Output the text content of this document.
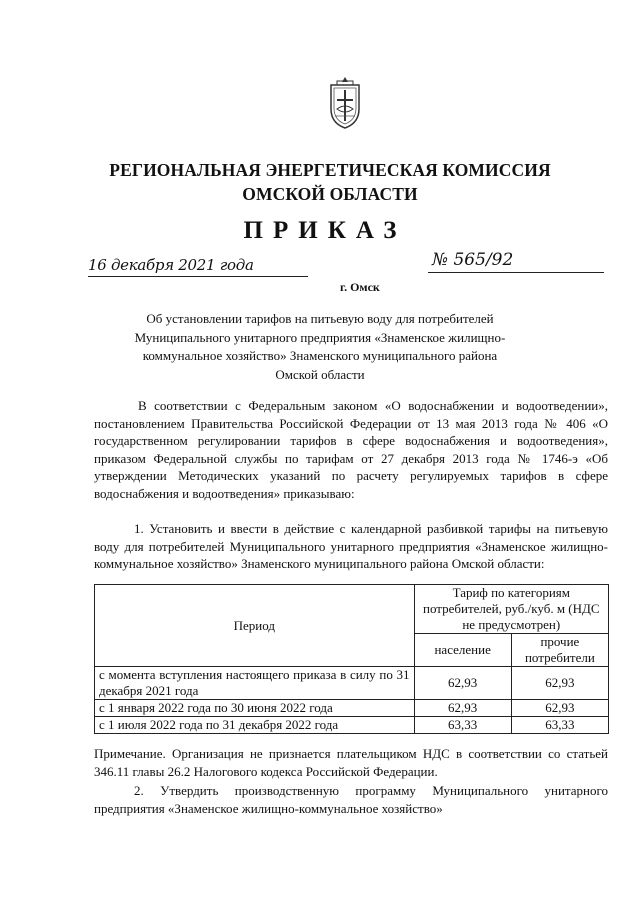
РЕГИОНАЛЬНАЯ ЭНЕРГЕТИЧЕСКАЯ КОМИССИЯ
ОМСКОЙ ОБЛАСТИ
ПРИКАЗ
16 декабря 2021 года	№ 565/92
г. Омск
Об установлении тарифов на питьевую воду для потребителей
Муниципального унитарного предприятия «Знаменское жилищно-
коммунальное хозяйство» Знаменского муниципального района
Омской области
В соответствии с Федеральным законом «О водоснабжении и водоотведении», постановлением Правительства Российской Федерации от 13 мая 2013 года № 406 «О государственном регулировании тарифов в сфере водоснабжения и водоотведения», приказом Федеральной службы по тарифам от 27 декабря 2013 года № 1746-э «Об утверждении Методических указаний по расчету регулируемых тарифов в сфере водоснабжения и водоотведения» приказываю:
1. Установить и ввести в действие с календарной разбивкой тарифы на питьевую воду для потребителей Муниципального унитарного предприятия «Знаменское жилищно-коммунальное хозяйство» Знаменского муниципального района Омской области:
Период	Тариф по категориям потребителей, руб./куб. м (НДС не предусмотрен)	
	население	прочие потребители
с момента вступления настоящего приказа в силу по 31 декабря 2021 года	62,93	62,93
с 1 января 2022 года по 30 июня 2022 года	62,93	62,93
с 1 июля 2022 года по 31 декабря 2022 года	63,33	63,33
Примечание. Организация не признается плательщиком НДС в соответствии со статьей 346.11 главы 26.2 Налогового кодекса Российской Федерации.
2. Утвердить производственную программу Муниципального унитарного предприятия «Знаменское жилищно-коммунальное хозяйство»
